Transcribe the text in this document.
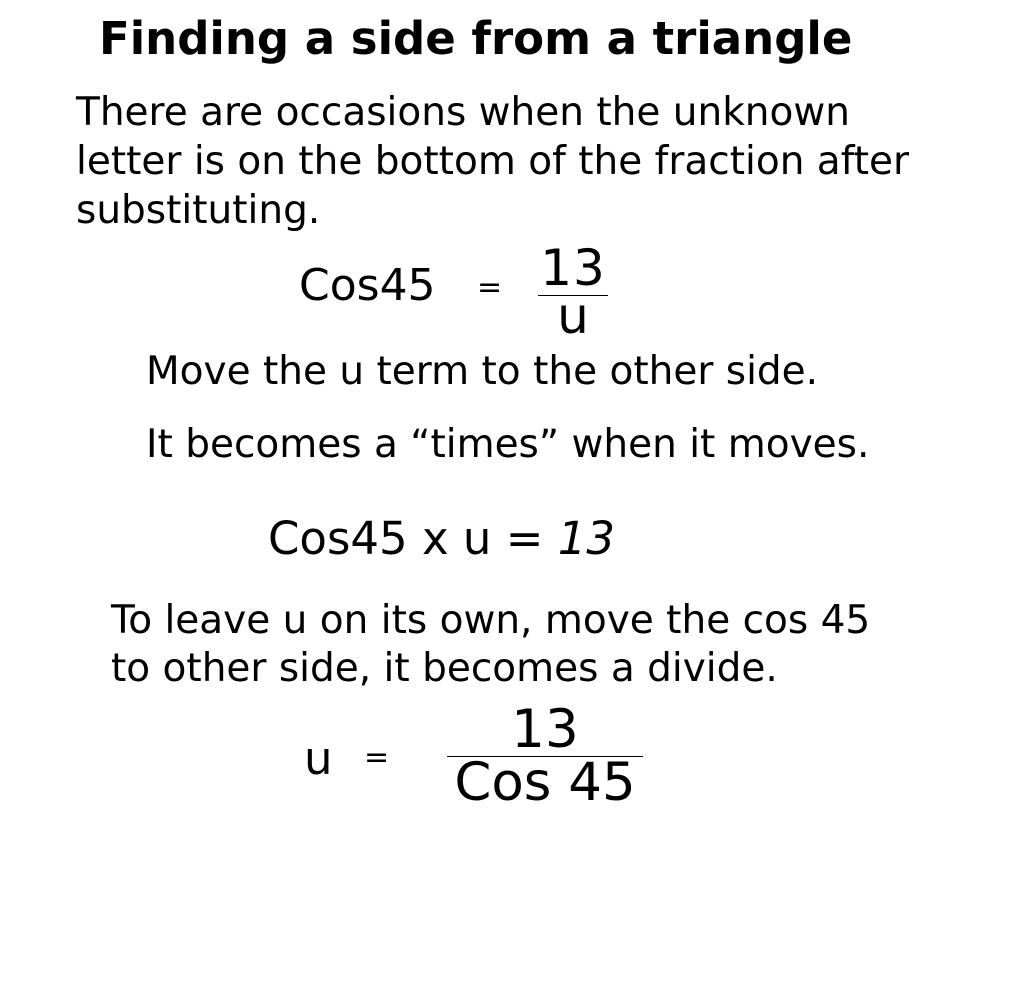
Finding a side from a triangle
There are occasions when the unknown
letter is on the bottom of the fraction after
substituting.
Cos45 = 13
u
Move the u term to the other side.
It becomes a “times” when it moves.
Cos45 x u = 13
To leave u on its own, move the cos 45
to other side, it becomes a divide.
u =	13
Cos 45
